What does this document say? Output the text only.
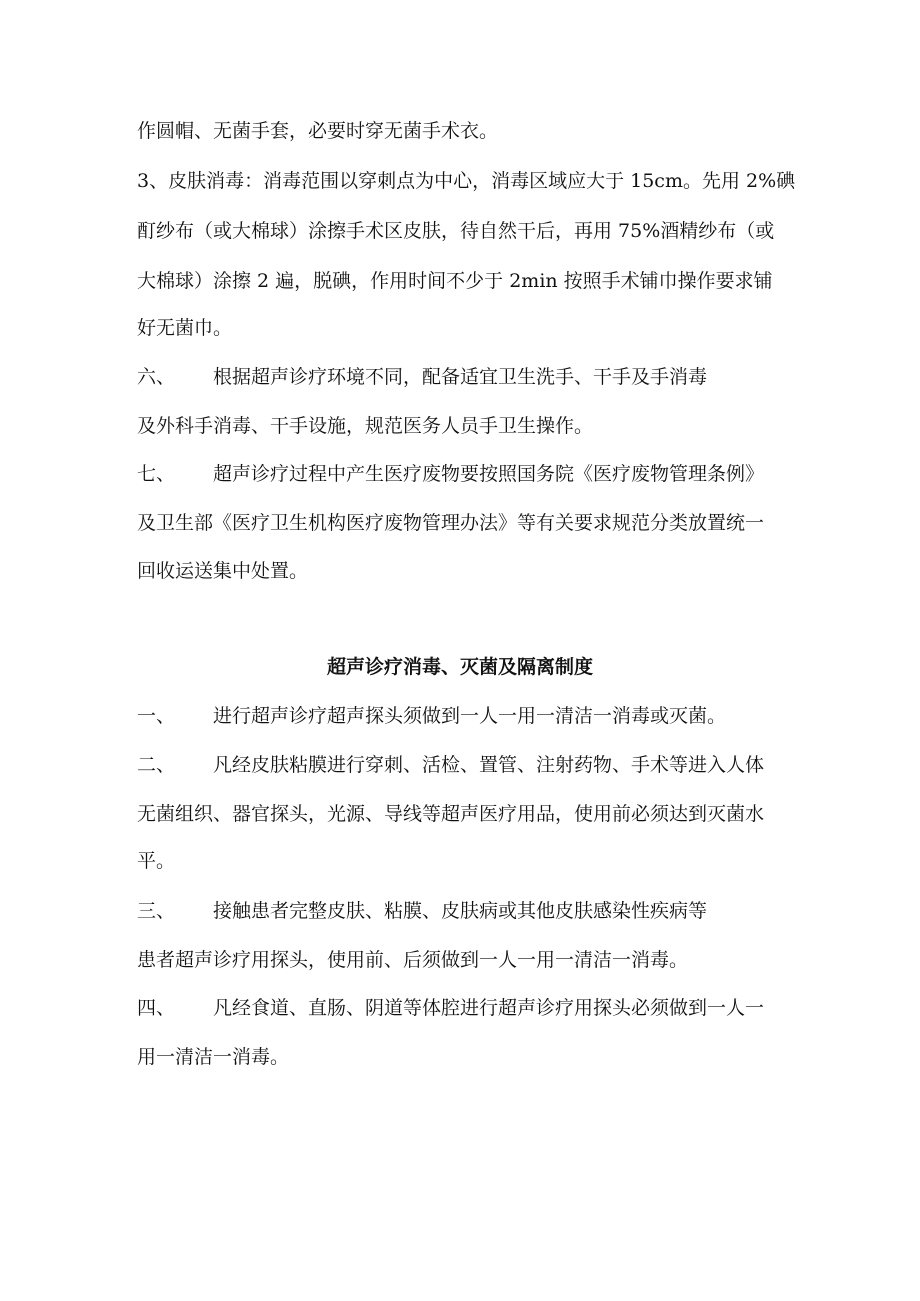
作圆帽、无菌手套，必要时穿无菌手术衣。
3、皮肤消毒：消毒范围以穿刺点为中心，消毒区域应大于 15cm。先用 2%碘
酊纱布（或大棉球）涂擦手术区皮肤，待自然干后，再用 75%酒精纱布（或
大棉球）涂擦 2 遍，脱碘，作用时间不少于 2min 按照手术铺巾操作要求铺
好无菌巾。
六、 根据超声诊疗环境不同，配备适宜卫生洗手、干手及手消毒
及外科手消毒、干手设施，规范医务人员手卫生操作。
七、 超声诊疗过程中产生医疗废物要按照国务院《医疗废物管理条例》
及卫生部《医疗卫生机构医疗废物管理办法》等有关要求规范分类放置统一
回收运送集中处置。
超声诊疗消毒、灭菌及隔离制度
一、 进行超声诊疗超声探头须做到一人一用一清洁一消毒或灭菌。
二、 凡经皮肤粘膜进行穿刺、活检、置管、注射药物、手术等进入人体
无菌组织、器官探头，光源、导线等超声医疗用品，使用前必须达到灭菌水
平。
三、 接触患者完整皮肤、粘膜、皮肤病或其他皮肤感染性疾病等
患者超声诊疗用探头，使用前、后须做到一人一用一清洁一消毒。
四、 凡经食道、直肠、阴道等体腔进行超声诊疗用探头必须做到一人一
用一清洁一消毒。
